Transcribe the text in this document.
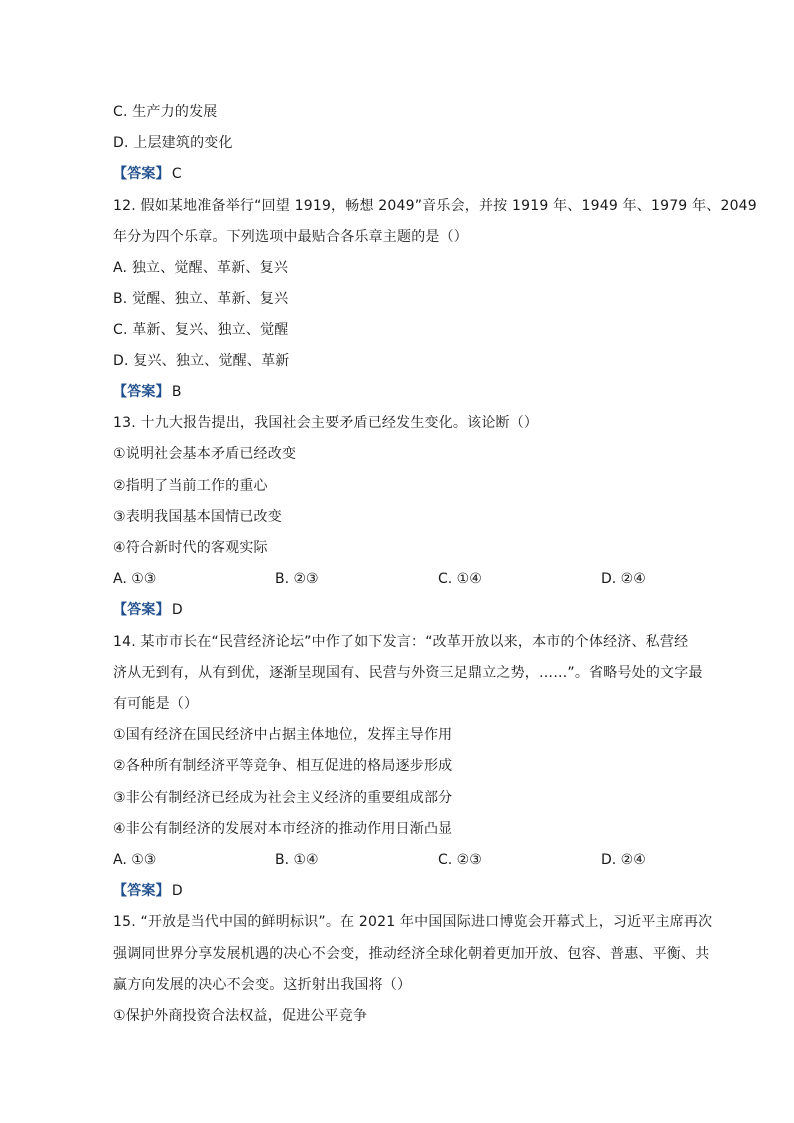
C. 生产力的发展
D. 上层建筑的变化
【答案】 C
12. 假如某地准备举行“回望 1919，畅想 2049”音乐会，并按 1919 年、1949 年、1979 年、2049
年分为四个乐章。下列选项中最贴合各乐章主题的是（）
A. 独立、觉醒、革新、复兴
B. 觉醒、独立、革新、复兴
C. 革新、复兴、独立、觉醒
D. 复兴、独立、觉醒、革新
【答案】 B
13. 十九大报告提出，我国社会主要矛盾已经发生变化。该论断（）
①说明社会基本矛盾已经改变
②指明了当前工作的重心
③表明我国基本国情已改变
④符合新时代的客观实际
A. ①③	B. ②③	C. ①④	D. ②④
【答案】 D
14. 某市市长在“民营经济论坛”中作了如下发言：“改革开放以来，本市的个体经济、私营经
济从无到有，从有到优，逐渐呈现国有、民营与外资三足鼎立之势，……”。省略号处的文字最
有可能是（）
①国有经济在国民经济中占据主体地位，发挥主导作用
②各种所有制经济平等竞争、相互促进的格局逐步形成
③非公有制经济已经成为社会主义经济的重要组成部分
④非公有制经济的发展对本市经济的推动作用日渐凸显
A. ①③	B. ①④	C. ②③	D. ②④
【答案】 D
15. “开放是当代中国的鲜明标识”。在 2021 年中国国际进口博览会开幕式上，习近平主席再次
强调同世界分享发展机遇的决心不会变，推动经济全球化朝着更加开放、包容、普惠、平衡、共
赢方向发展的决心不会变。这折射出我国将（）
①保护外商投资合法权益，促进公平竞争
